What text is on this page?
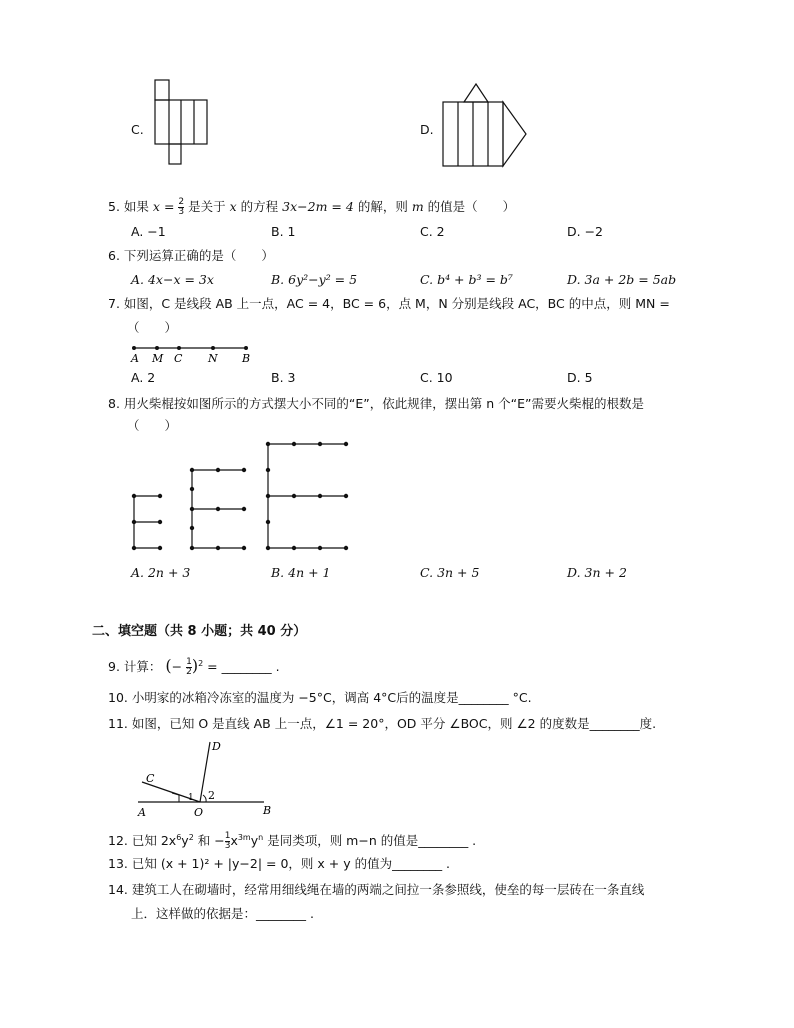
C.	D.
5. 如果 $x = \frac{2}{3}$ 是关于 x 的方程 3x−2m = 4 的解，则 m 的值是（　　）
A. −1	B. 1	C. 2	D. −2
6. 下列运算正确的是（　　）
A. 4x−x = 3x	B. 6y²−y² = 5	C. b⁴ + b³ = b⁷	D. 3a + 2b = 5ab
7. 如图，C 是线段 AB 上一点，AC = 4，BC = 6，点 M，N 分别是线段 AC，BC 的中点，则 MN =
（　　）
A M C N B
A. 2	B. 3	C. 10	D. 5
8. 用火柴棍按如图所示的方式摆大小不同的“E”，依此规律，摆出第 n 个“E”需要火柴棍的根数是
（　　）
A. 2n + 3	B. 4n + 1	C. 3n + 5	D. 3n + 2
二、填空题（共 8 小题；共 40 分）
9. 计算： (− $\frac{1}{2} )^2$ = ________ .
10. 小明家的冰箱冷冻室的温度为 −5°C，调高 4°C后的温度是________ °C.
11. 如图，已知 O 是直线 AB 上一点，∠1 = 20°，OD 平分 ∠BOC，则 ∠2 的度数是________度.
D
C
A	O	B
1 2
12. 已知 $2x^6y^2$ 和 − $\frac{1}{3} x^{3m}y^n$ 是同类项，则 m−n 的值是________ .
13. 已知 (x + 1)² + |y−2| = 0，则 x + y 的值为________ .
14. 建筑工人在砌墙时，经常用细线绳在墙的两端之间拉一条参照线，使垒的每一层砖在一条直线
上．这样做的依据是：________ .
